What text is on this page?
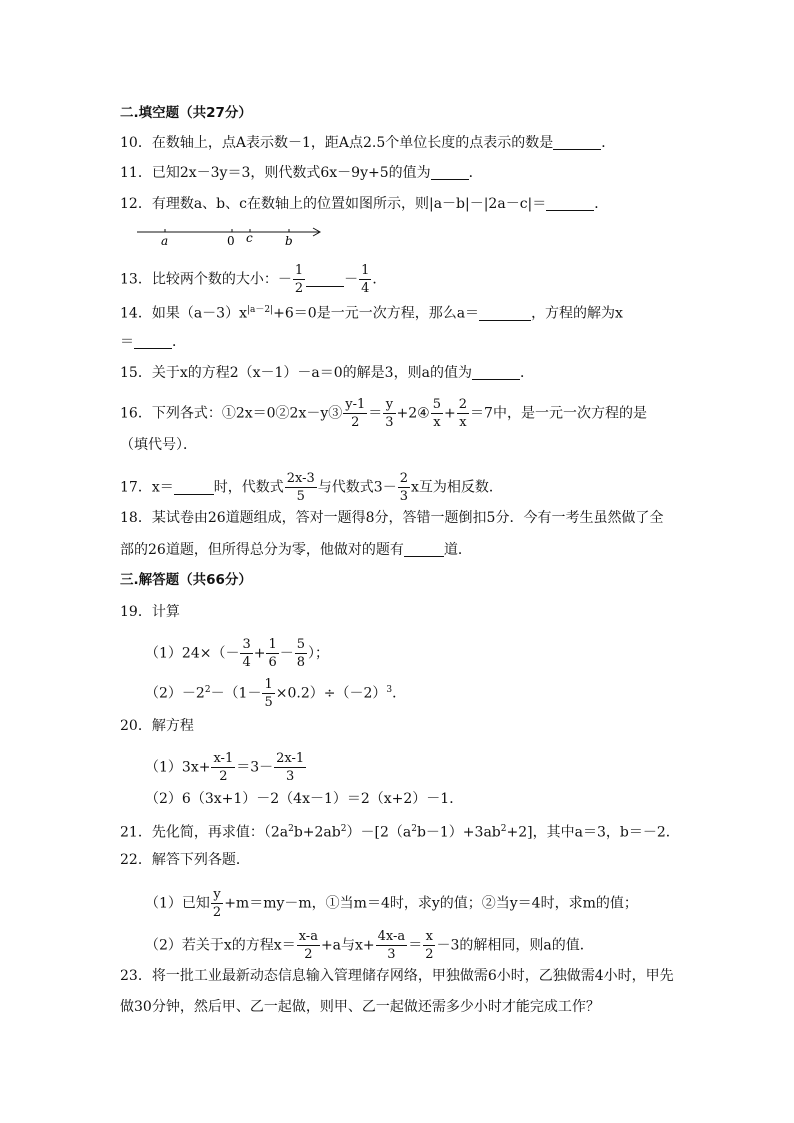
二.填空题（共27分）
10．在数轴上，点A表示数－1，距A点2.5个单位长度的点表示的数是	．
11．已知2x－3y＝3，则代数式6x－9y+5的值为	．
12．有理数a、b、c在数轴上的位置如图所示，则|a－b|－|2a－c|＝	．
a	0 c	b
13．比较两个数的大小：－ $\frac{1}{2}$	－ $\frac{1}{4}$ ．
14．如果$(a-3)x^{|a-2|}+6=0$是一元一次方程，那么a＝	，方程的解为x
＝	．
15．关于x的方程2（x－1）－a＝0的解是3，则a的值为	．
16．下列各式：①2x＝0②2x－y③ $\frac{y-1}{2} = \frac{y}{3}$ +2④ $\frac{5}{x} + \frac{2}{x} =7$中，是一元一次方程的是
（填代号）．
17．x＝	时，代数式 $\frac{2x-3}{5}$ 与代数式$3- \frac{2}{3}$ x互为相反数．
18．某试卷由26道题组成，答对一题得8分，答错一题倒扣5分．今有一考生虽然做了全
部的26道题，但所得总分为零，他做对的题有	道．
三.解答题（共66分）
19．计算
$(1)24\times(- \frac{3}{4} + \frac{1}{6} - \frac{5}{8}$ ）；
$(2)-2^2-(1- \frac{1}{5} \times 0.2)\div(-2)^3$．
20．解方程
$(1)3x+ \frac{x-1}{2} =3- \frac{2x-1}{3}$
（2）6（3x+1）－2（4x－1）＝2（x+2）－1．
21．先化简，再求值：$(2a^2b+2ab^2)-[2(a^2b-1)+3ab^2+2]$，其中a＝3，b＝－2．
22．解答下列各题．
（1）已知 $\frac{y}{2} +m=my-m$，①当m＝4时，求y的值；②当y＝4时，求m的值；
（2）若关于x的方程$x= \frac{x-a}{2} +a$与$x+ \frac{4x-a}{3} = \frac{x}{2} -3$的解相同，则a的值．
23．将一批工业最新动态信息输入管理储存网络，甲独做需6小时，乙独做需4小时，甲先
做30分钟，然后甲、乙一起做，则甲、乙一起做还需多少小时才能完成工作？
